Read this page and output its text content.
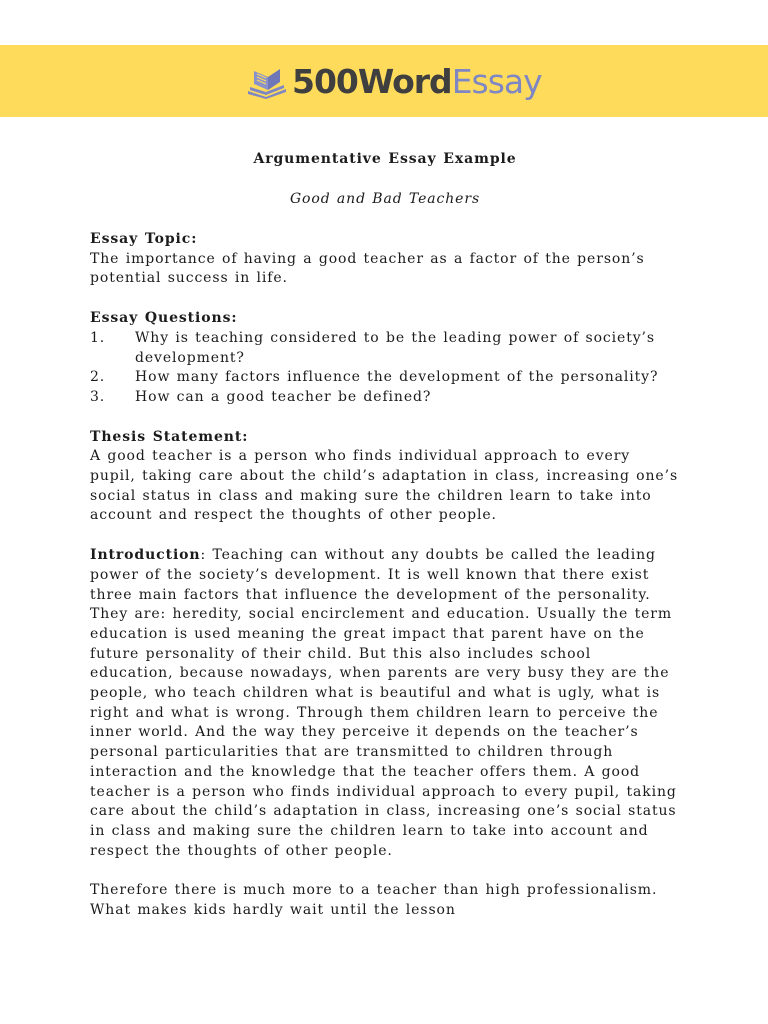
500WordEssay
Argumentative Essay Example
Good and Bad Teachers
Essay Topic:

The importance of having a good teacher as a factor of the person’s potential success in life.

Essay Questions:
1.	Why is teaching considered to be the leading power of society’s development?
2.	How many factors influence the development of the personality?
3.	How can a good teacher be defined?
Thesis Statement:

A good teacher is a person who finds individual approach to every pupil, taking care about the child’s adaptation in class, increasing one’s social status in class and making sure the children learn to take into account and respect the thoughts of other people.

Introduction: Teaching can without any doubts be called the leading power of the society’s development. It is well known that there exist three main factors that influence the development of the personality. They are: heredity, social encirclement and education. Usually the term education is used meaning the great impact that parent have on the future personality of their child. But this also includes school education, because nowadays, when parents are very busy they are the people, who teach children what is beautiful and what is ugly, what is right and what is wrong. Through them children learn to perceive the inner world. And the way they perceive it depends on the teacher’s personal particularities that are transmitted to children through interaction and the knowledge that the teacher offers them. A good teacher is a person who finds individual approach to every pupil, taking care about the child’s adaptation in class, increasing one’s social status in class and making sure the children learn to take into account and respect the thoughts of other people.

Therefore there is much more to a teacher than high professionalism. What makes kids hardly wait until the lesson
